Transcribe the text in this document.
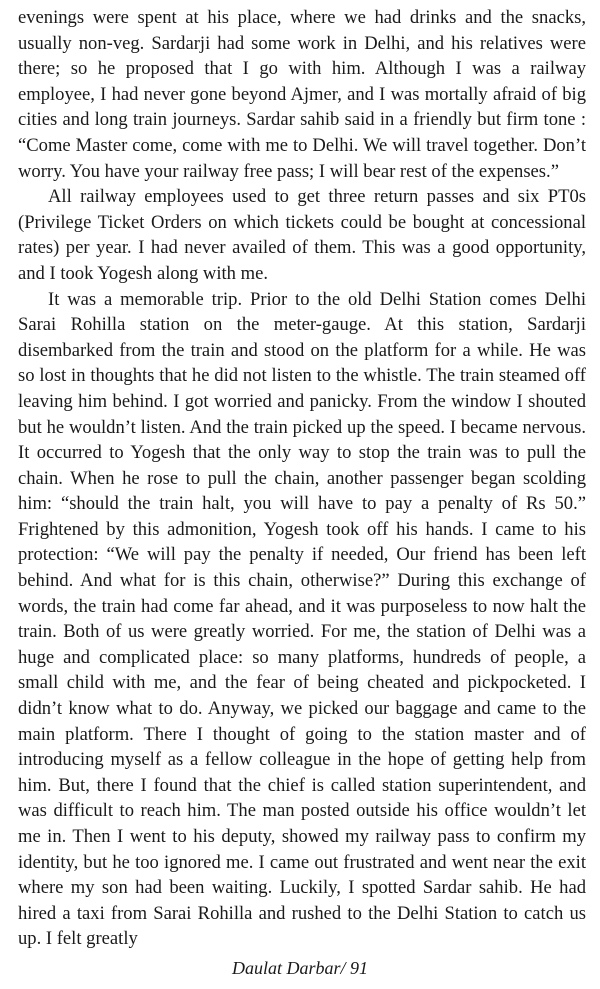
evenings were spent at his place, where we had drinks and the snacks, usually non-veg. Sardarji had some work in Delhi, and his relatives were there; so he proposed that I go with him. Although I was a railway employee, I had never gone beyond Ajmer, and I was mortally afraid of big cities and long train journeys. Sardar sahib said in a friendly but firm tone : “Come Master come, come with me to Delhi. We will travel together. Don’t worry. You have your railway free pass; I will bear rest of the expenses.”

All railway employees used to get three return passes and six PT0s (Privilege Ticket Orders on which tickets could be bought at concessional rates) per year. I had never availed of them. This was a good opportunity, and I took Yogesh along with me.

It was a memorable trip. Prior to the old Delhi Station comes Delhi Sarai Rohilla station on the meter-gauge. At this station, Sardarji disembarked from the train and stood on the platform for a while. He was so lost in thoughts that he did not listen to the whistle. The train steamed off leaving him behind. I got worried and panicky. From the window I shouted but he wouldn’t listen. And the train picked up the speed. I became nervous. It occurred to Yogesh that the only way to stop the train was to pull the chain. When he rose to pull the chain, another passenger began scolding him: “should the train halt, you will have to pay a penalty of Rs 50.” Frightened by this admonition, Yogesh took off his hands. I came to his protection: “We will pay the penalty if needed, Our friend has been left behind. And what for is this chain, otherwise?” During this exchange of words, the train had come far ahead, and it was purposeless to now halt the train. Both of us were greatly worried. For me, the station of Delhi was a huge and complicated place: so many platforms, hundreds of people, a small child with me, and the fear of being cheated and pickpocketed. I didn’t know what to do. Anyway, we picked our baggage and came to the main platform. There I thought of going to the station master and of introducing myself as a fellow colleague in the hope of getting help from him. But, there I found that the chief is called station superintendent, and was difficult to reach him. The man posted outside his office wouldn’t let me in. Then I went to his deputy, showed my railway pass to confirm my identity, but he too ignored me. I came out frustrated and went near the exit where my son had been waiting. Luckily, I spotted Sardar sahib. He had hired a taxi from Sarai Rohilla and rushed to the Delhi Station to catch us up. I felt greatly

Daulat Darbar/ 91
